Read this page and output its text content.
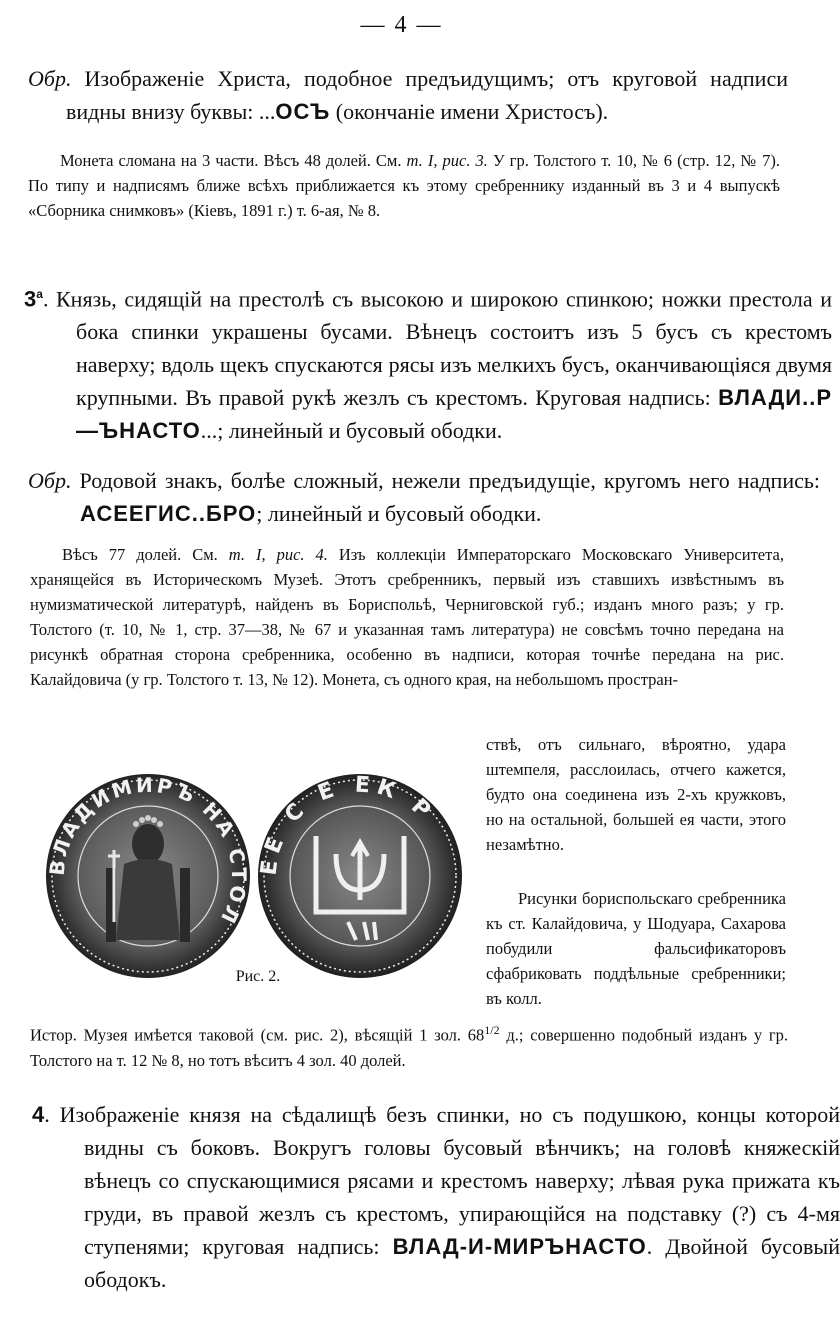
— 4 —
Обр. Изображенiе Христа, подобное предъидущимъ; отъ круговой надписи видны внизу буквы: ...ОСЪ (окончанiе имени Христосъ).
Монета сломана на 3 части. Вѣсъ 48 долей. См. т. I, рис. 3. У гр. Толстого т. 10, № 6 (стр. 12, № 7). По типу и надписямъ ближе всѣхъ приближается къ этому сребреннику изданный въ 3 и 4 выпускѣ «Сборника снимковъ» (Кiевъ, 1891 г.) т. 6-ая, № 8.
$3^а$. Князь, сидящiй на престолѣ съ высокою и широкою спинкою; ножки престола и бока спинки украшены бусами. Вѣнецъ состоитъ изъ 5 бусъ съ крестомъ наверху; вдоль щекъ спускаются рясы изъ мелкихъ бусъ, оканчивающiяся двумя крупными. Въ правой рукѣ жезлъ съ крестомъ. Круговая надпись: ВЛАДИ..Р—ЪНАСТО...; линейный и бусовый ободки.
Обр. Родовой знакъ, болѣе сложный, нежели предъидущiе, кругомъ него надпись: АСЕЕГИС..БРО; линейный и бусовый ободки.
Вѣсъ 77 долей. См. т. I, рис. 4. Изъ коллекцiи Императорскаго Московскаго Университета, хранящейся въ Историческомъ Музеѣ. Этотъ сребренникъ, первый изъ ставшихъ извѣстнымъ въ нумизматической литературѣ, найденъ въ Бориспольѣ, Черниговской губ.; изданъ много разъ; у гр. Толстого (т. 10, № 1, стр. 37—38, № 67 и указанная тамъ литература) не совсѣмъ точно передана на рисункѣ обратная сторона сребренника, особенно въ надписи, которая точнѣе передана на рис. Калайдовича (у гр. Толстого т. 13, № 12). Монета, съ одного края, на небольшомъ простран-
ствѣ, отъ сильнаго, вѣроятно, удара штемпеля, расслоилась, отчего кажется, будто она соединена изъ 2-хъ кружковъ, но на остальной, большей ея части, этого незамѣтно.
Рисунки бориспольскаго сребренника къ ст. Калайдовича, у Шодуара, Сахарова побудили фальсификаторовъ сфабриковать поддѣльные сребренники; въ колл.
ВЛАДИМИРЪ НА СТОЛ
ЕЕ С Е ЕК Р
Рис. 2.
Истор. Музея имѣется таковой (см. рис. 2), вѣсящiй 1 зол. $68^{1/2}$ д.; совершенно подобный изданъ у гр. Толстого на т. 12 № 8, но тотъ вѣситъ 4 зол. 40 долей.
4. Изображенiе князя на сѣдалищѣ безъ спинки, но съ подушкою, концы которой видны съ боковъ. Вокругъ головы бусовый вѣнчикъ; на головѣ княжескiй вѣнецъ со спускающимися рясами и крестомъ наверху; лѣвая рука прижата къ груди, въ правой жезлъ съ крестомъ, упирающiйся на подставку (?) съ 4-мя ступенями; круговая надпись: ВЛАД-И-МИРЪНАСТО. Двойной бусовый ободокъ.
